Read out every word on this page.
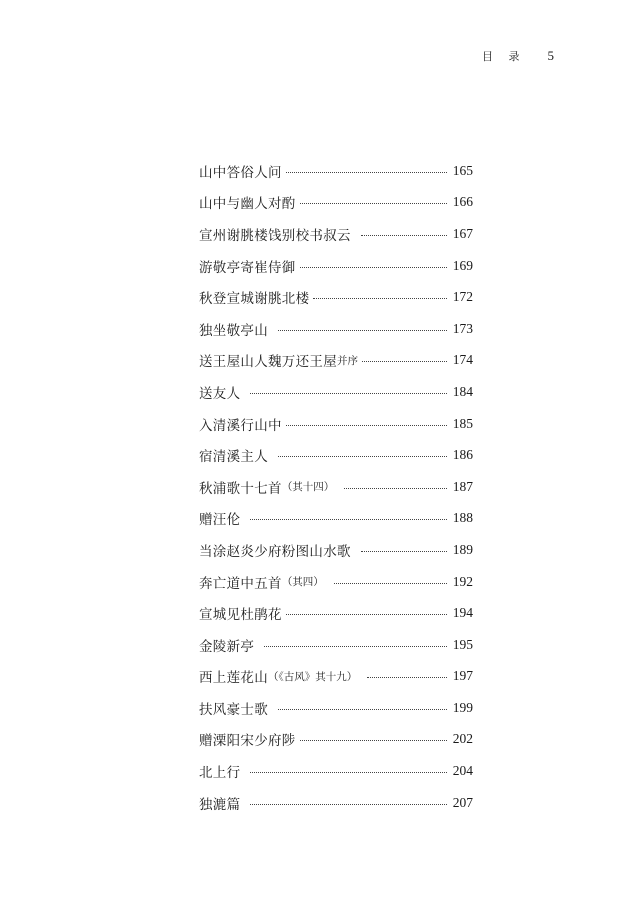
目 录 5
山中答俗人问	165
山中与幽人对酌	166
宣州谢朓楼饯别校书叔云	167
游敬亭寄崔侍御	169
秋登宣城谢朓北楼	172
独坐敬亭山	173
送王屋山人魏万还王屋 并序	174
送友人	184
入清溪行山中	185
宿清溪主人	186
秋浦歌十七首 （其十四）	187
赠汪伦	188
当涂赵炎少府粉图山水歌	189
奔亡道中五首 （其四）	192
宣城见杜鹃花	194
金陵新亭	195
西上莲花山 （《古风》其十九）	197
扶风豪士歌	199
赠溧阳宋少府陟	202
北上行	204
独漉篇	207
